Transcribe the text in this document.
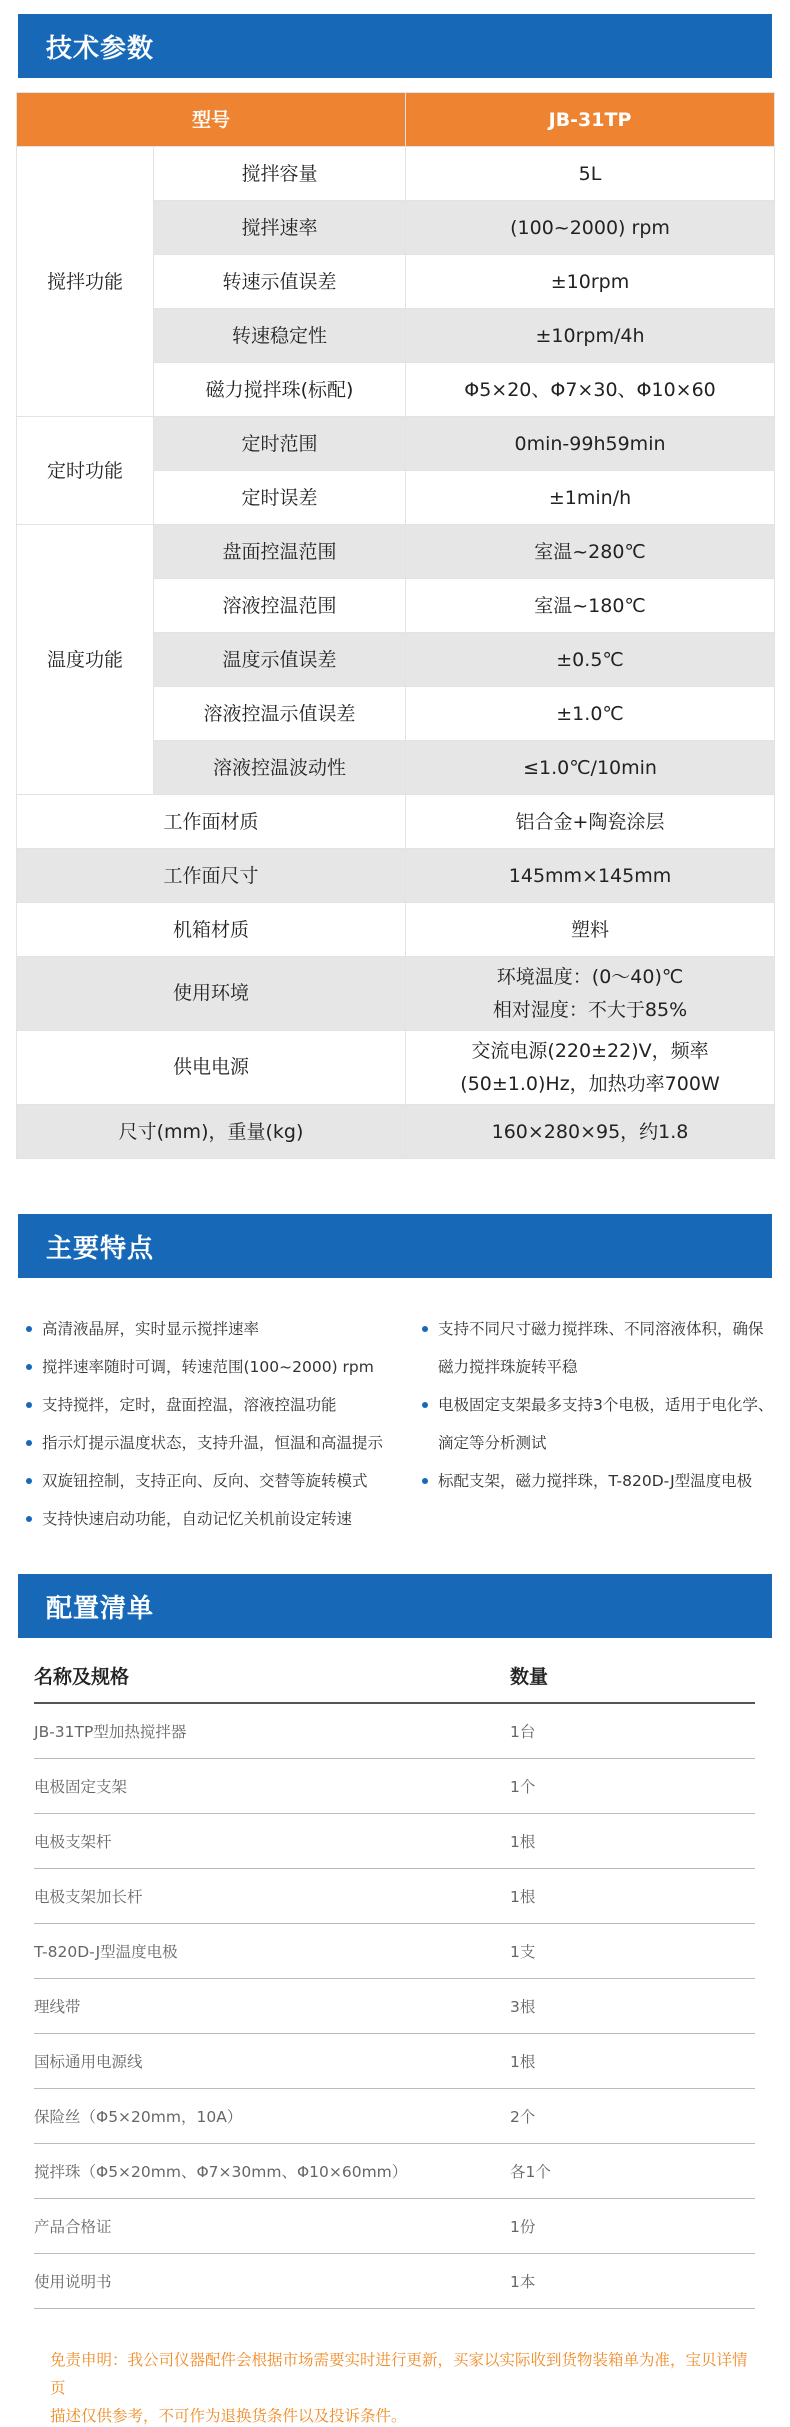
技术参数
型号		JB-31TP
搅拌功能	搅拌容量	5L
	搅拌速率	(100~2000) rpm
	转速示值误差	±10rpm
	转速稳定性	±10rpm/4h
	磁力搅拌珠(标配)	Φ5×20、Φ7×30、Φ10×60
定时功能	定时范围	0min-99h59min
	定时误差	±1min/h
温度功能	盘面控温范围	室温~280℃
	溶液控温范围	室温~180℃
	温度示值误差	±0.5℃
	溶液控温示值误差	±1.0℃
	溶液控温波动性	≤1.0℃/10min
工作面材质		铝合金+陶瓷涂层
工作面尺寸		145mm×145mm
机箱材质		塑料
使用环境		环境温度：(0～40)℃
相对湿度：不大于85%

供电电源		交流电源(220±22)V，频率
(50±1.0)Hz，加热功率700W

尺寸(mm)，重量(kg)		160×280×95，约1.8
主要特点
高清液晶屏，实时显示搅拌速率
搅拌速率随时可调，转速范围(100~2000) rpm
支持搅拌，定时，盘面控温，溶液控温功能
指示灯提示温度状态，支持升温，恒温和高温提示
双旋钮控制，支持正向、反向、交替等旋转模式
支持快速启动功能，自动记忆关机前设定转速
支持不同尺寸磁力搅拌珠、不同溶液体积，确保
磁力搅拌珠旋转平稳
电极固定支架最多支持3个电极，适用于电化学、
滴定等分析测试
标配支架，磁力搅拌珠，T-820D-J型温度电极
配置清单
名称及规格	数量
JB-31TP型加热搅拌器	1台
电极固定支架	1个
电极支架杆	1根
电极支架加长杆	1根
T-820D-J型温度电极	1支
理线带	3根
国标通用电源线	1根
保险丝（Φ5×20mm，10A）	2个
搅拌珠（Φ5×20mm、Φ7×30mm、Φ10×60mm）	各1个
产品合格证	1份
使用说明书	1本
免责申明：我公司仪器配件会根据市场需要实时进行更新，买家以实际收到货物装箱单为准，宝贝详情页
描述仅供参考，不可作为退换货条件以及投诉条件。
